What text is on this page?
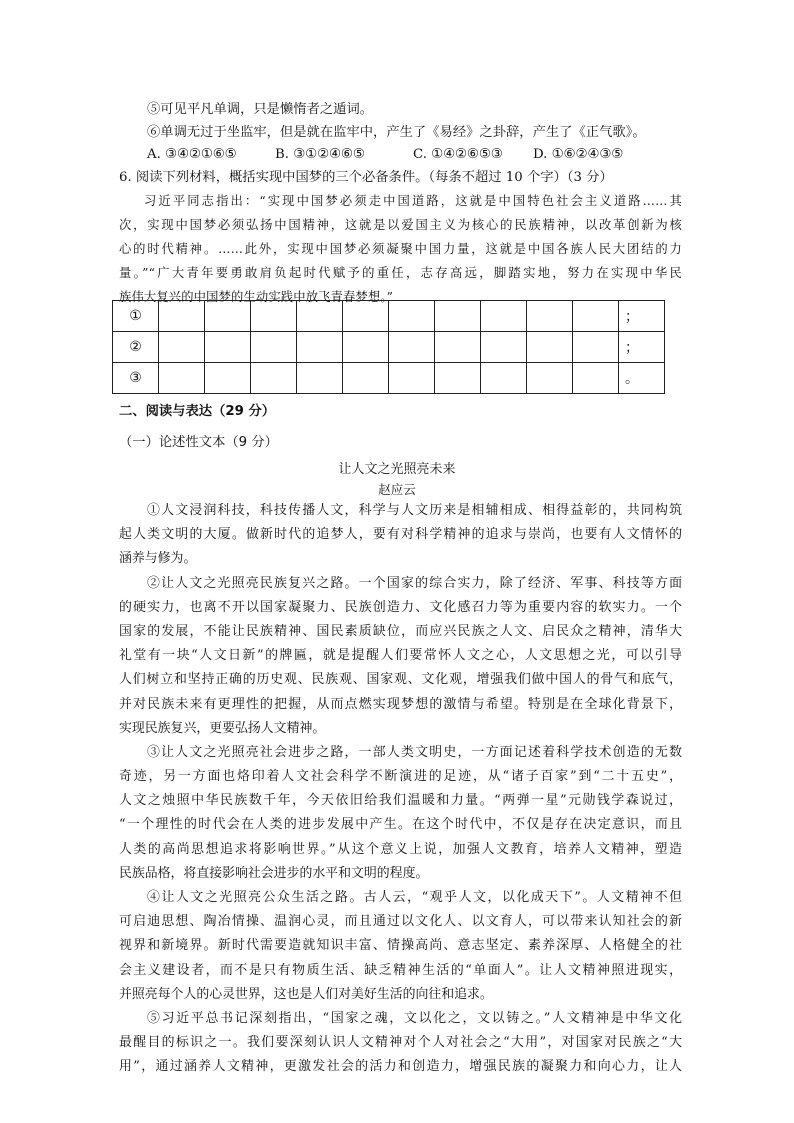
⑤可见平凡单调，只是懒惰者之遁词。
⑥单调无过于坐监牢，但是就在监牢中，产生了《易经》之卦辞，产生了《正气歌》。
A. ③④②①⑥⑤	B. ③①②④⑥⑤	C. ①④②⑥⑤③ D. ①⑥②④③⑤
6. 阅读下列材料，概括实现中国梦的三个必备条件。（每条不超过 10 个字）（3 分）
习近平同志指出：“实现中国梦必须走中国道路，这就是中国特色社会主义道路……其
次，实现中国梦必须弘扬中国精神，这就是以爱国主义为核心的民族精神，以改革创新为核
心的时代精神。……此外，实现中国梦必须凝聚中国力量，这就是中国各族人民大团结的力
量。”“广大青年要勇敢肩负起时代赋予的重任，志存高远，脚踏实地，努力在实现中华民
族伟大复兴的中国梦的生动实践中放飞青春梦想。”
①											；
②											；
③											。
二、阅读与表达（29 分）
（一）论述性文本（9 分）
让人文之光照亮未来
赵应云
①人文浸润科技，科技传播人文，科学与人文历来是相辅相成、相得益彰的，共同构筑
起人类文明的大厦。做新时代的追梦人，要有对科学精神的追求与崇尚，也要有人文情怀的
涵养与修为。
②让人文之光照亮民族复兴之路。一个国家的综合实力，除了经济、军事、科技等方面
的硬实力，也离不开以国家凝聚力、民族创造力、文化感召力等为重要内容的软实力。一个
国家的发展，不能让民族精神、国民素质缺位，而应兴民族之人文、启民众之精神，清华大
礼堂有一块“人文日新”的牌匾，就是提醒人们要常怀人文之心，人文思想之光，可以引导
人们树立和坚持正确的历史观、民族观、国家观、文化观，增强我们做中国人的骨气和底气，
并对民族未来有更理性的把握，从而点燃实现梦想的激情与希望。特别是在全球化背景下，
实现民族复兴，更要弘扬人文精神。
③让人文之光照亮社会进步之路，一部人类文明史，一方面记述着科学技术创造的无数
奇迹，另一方面也烙印着人文社会科学不断演进的足迹，从“诸子百家”到“二十五史”，
人文之烛照中华民族数千年，今天依旧给我们温暖和力量。“两弹一星”元勋钱学森说过，
“一个理性的时代会在人类的进步发展中产生。在这个时代中，不仅是存在决定意识，而且
人类的高尚思想追求将影响世界。”从这个意义上说，加强人文教育，培养人文精神，塑造
民族品格，将直接影响社会进步的水平和文明的程度。
④让人文之光照亮公众生活之路。古人云，“观乎人文，以化成天下”。人文精神不但
可启迪思想、陶冶情操、温润心灵，而且通过以文化人、以文育人，可以带来认知社会的新
视界和新境界。新时代需要造就知识丰富、情操高尚、意志坚定、素养深厚、人格健全的社
会主义建设者，而不是只有物质生活、缺乏精神生活的“单面人”。让人文精神照进现实，
并照亮每个人的心灵世界，这也是人们对美好生活的向往和追求。
⑤习近平总书记深刻指出，“国家之魂，文以化之，文以铸之。”人文精神是中华文化
最醒目的标识之一。我们要深刻认识人文精神对个人对社会之“大用”，对国家对民族之“大
用”，通过涵养人文精神，更激发社会的活力和创造力，增强民族的凝聚力和向心力，让人
